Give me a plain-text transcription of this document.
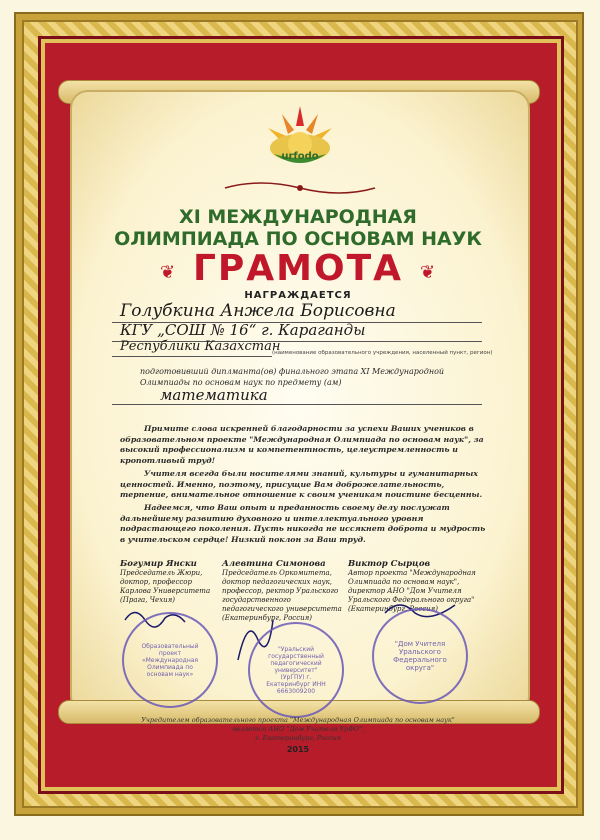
urfodo
XI МЕЖДУНАРОДНАЯ
ОЛИМПИАДА ПО ОСНОВАМ НАУК
ГРАМОТА
❦	❦
НАГРАЖДАЕТСЯ
Голубкина Анжела Борисовна
КГУ „СОШ № 16“ г. Караганды
Республики Казахстан
(наименование образовательного учреждения, населенный пункт, регион)
подготовивший диплманта(ов) финального этапа XI Международной Олимпиады по основам наук по предмету (ам)
математика
Примите слова искренней благодарности за успехи Ваших учеников в образовательном проекте "Международная Олимпиада по основам наук", за высокий профессионализм и компетентность, целеустремленность и кропотливый труд!
Учителя всегда были носителями знаний, культуры и гуманитарных ценностей. Именно, поэтому, присущие Вам доброжелательность, терпение, внимательное отношение к своим ученикам поистине бесценны.
Надеемся, что Ваш опыт и преданность своему делу послужат дальнейшему развитию духовного и интеллектуального уровня подрастающего поколения. Пусть никогда не иссякнет доброта и мудрость в учительском сердце! Низкий поклон за Ваш труд.
Богумир Янски
Председатель Жюри, доктор, профессор Карлова Университета (Прага, Чехия)
Алевтина Симонова
Председатель Оркомитета, доктор педагогических наук, профессор, ректор Уральского государственного педагогического университета (Екатеринбург, Россия)
Виктор Сырцов
Автор проекта "Международная Олимпиада по основам наук", директор АНО "Дом Учителя Уральского Федерального округа" (Екатеринбург, Россия)
Образовательный проект «Международная Олимпиада по основам наук»
"Уральский государственный педагогический университет" (УрГПУ) г. Екатеринбург ИНН 6663009200
"Дом Учителя Уральского Федерального округа"
Учредителем образовательного проекта "Международная Олимпиада по основам наук"
является АНО "Дом Учителя УрФО",
г. Екатеринбург, Россия
2015
